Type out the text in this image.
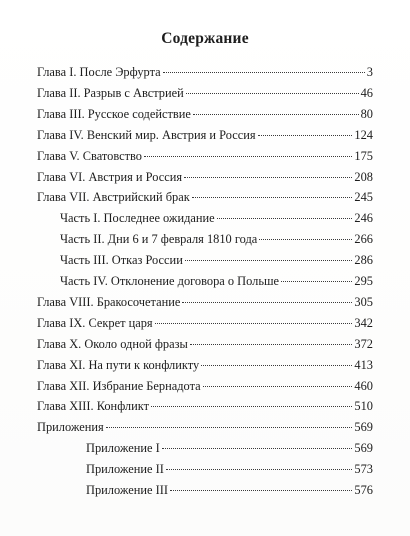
Содержание
Глава I. После Эрфурта	3
Глава II. Разрыв с Австрией	46
Глава III. Русское содействие	80
Глава IV. Венский мир. Австрия и Россия	124
Глава V. Сватовство	175
Глава VI. Австрия и Россия	208
Глава VII. Австрийский брак	245
Часть I. Последнее ожидание	246
Часть II. Дни 6 и 7 февраля 1810 года	266
Часть III. Отказ России	286
Часть IV. Отклонение договора о Польше	295
Глава VIII. Бракосочетание	305
Глава IX. Секрет царя	342
Глава X. Около одной фразы	372
Глава XI. На пути к конфликту	413
Глава XII. Избрание Бернадота	460
Глава XIII. Конфликт	510
Приложения	569
Приложение I	569
Приложение II	573
Приложение III	576
